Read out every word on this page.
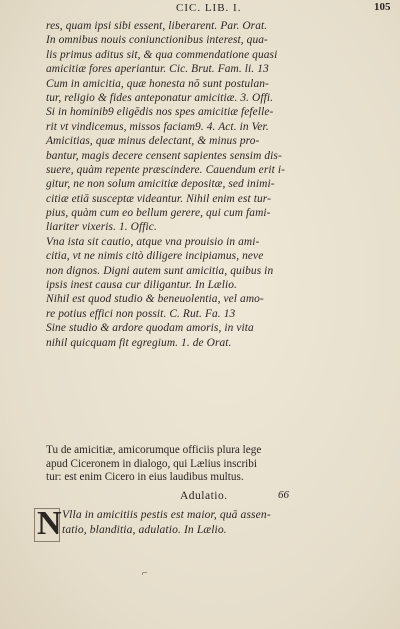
CIC. LIB. I.	105
res, quam ipsi sibi essent, liberarent. Par. Orat.
In omnibus nouis coniunctionibus interest, qua-
lis primus aditus sit, & qua commendatione quasi
amicitiæ fores aperiantur. Cic. Brut. Fam. li. 13
Cum in amicitia, quæ honesta nō sunt postulan-
tur, religio & fides anteponatur amicitiæ. 3. Offi.
Si in hominib9 eligēdis nos spes amicitiæ fefelle-
rit vt vindicemus, missos faciam9. 4. Act. in Ver.
Amicitias, quæ minus delectant, & minus pro-
bantur, magis decere censent sapientes sensim dis-
suere, quàm repente præscindere. Cauendum erit i-
gitur, ne non solum amicitiæ depositæ, sed inimi-
citiæ etiā susceptæ videantur. Nihil enim est tur-
pius, quàm cum eo bellum gerere, qui cum fami-
liariter vixeris. 1. Offic.
Vna ista sit cautio, atque vna prouisio in ami-
citia, vt ne nimis citò diligere incipiamus, neve
non dignos. Digni autem sunt amicitia, quibus in
ipsis inest causa cur diligantur. In Lælio.
Nihil est quod studio & beneuolentia, vel amo-
re potius effici non possit. C. Rut. Fa. 13
Sine studio & ardore quodam amoris, in vita
nihil quicquam fit egregium. 1. de Orat.
Tu de amicitiæ, amicorumque officiis plura lege
apud Ciceronem in dialogo, qui Lælius inscribi
tur: est enim Cicero in eius laudibus multus.
Adulatio.	66
N Vlla in amicitiis pestis est maior, quā assen-
tatio, blanditia, adulatio. In Lælio.
⌐
